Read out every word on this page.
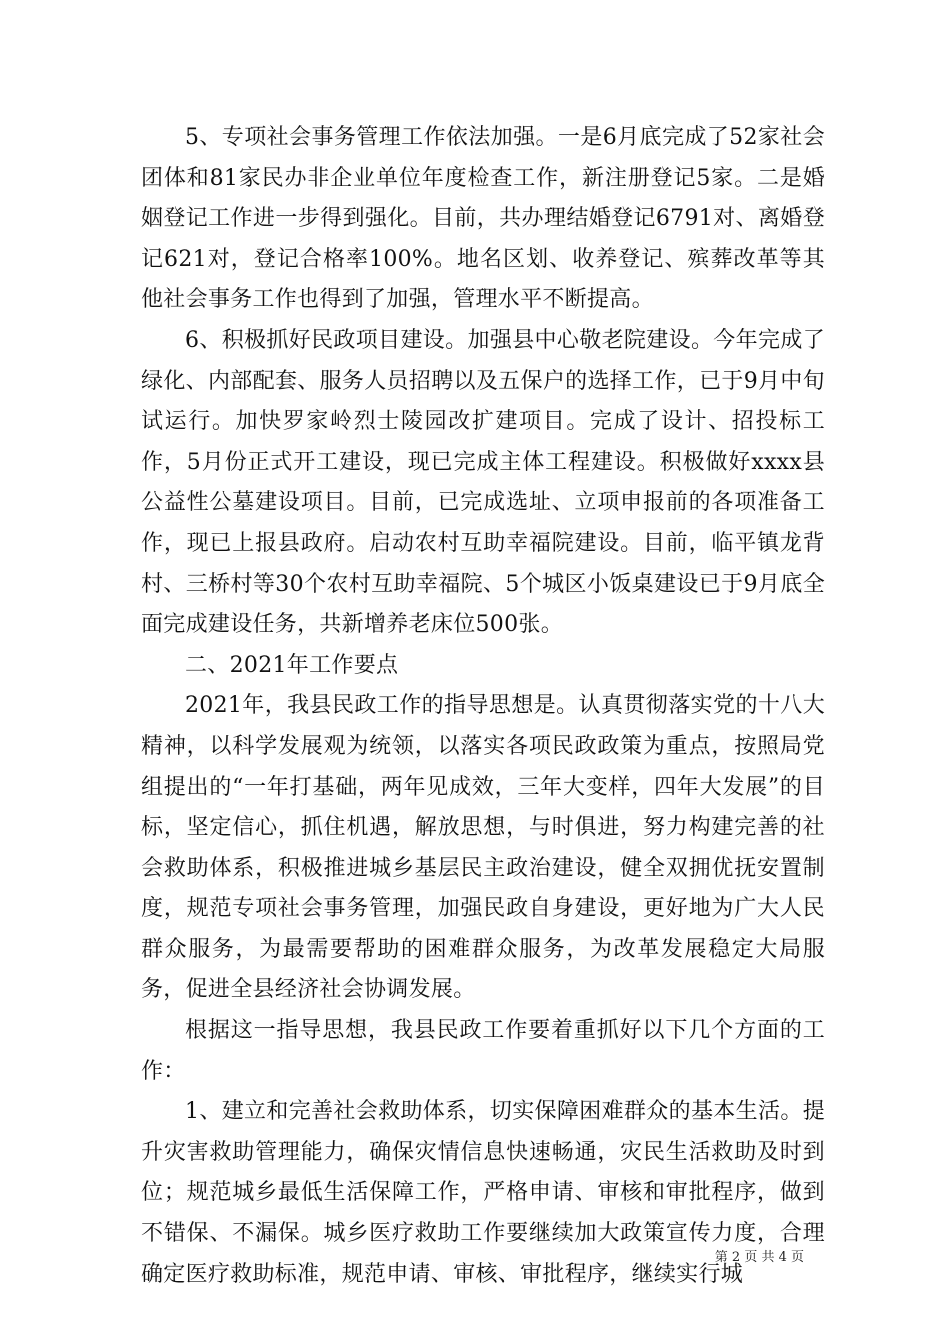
5、专项社会事务管理工作依法加强。一是6月底完成了52家社会团体和81家民办非企业单位年度检查工作，新注册登记5家。二是婚姻登记工作进一步得到强化。目前，共办理结婚登记6791对、离婚登记621对，登记合格率100%。地名区划、收养登记、殡葬改革等其他社会事务工作也得到了加强，管理水平不断提高。

6、积极抓好民政项目建设。加强县中心敬老院建设。今年完成了绿化、内部配套、服务人员招聘以及五保户的选择工作，已于9月中旬试运行。加快罗家岭烈士陵园改扩建项目。完成了设计、招投标工作，5月份正式开工建设，现已完成主体工程建设。积极做好xxxx县公益性公墓建设项目。目前，已完成选址、立项申报前的各项准备工作，现已上报县政府。启动农村互助幸福院建设。目前，临平镇龙背村、三桥村等30个农村互助幸福院、5个城区小饭桌建设已于9月底全面完成建设任务，共新增养老床位500张。

二、2021年工作要点

2021年，我县民政工作的指导思想是。认真贯彻落实党的十八大精神，以科学发展观为统领，以落实各项民政政策为重点，按照局党组提出的“一年打基础，两年见成效，三年大变样，四年大发展”的目标，坚定信心，抓住机遇，解放思想，与时俱进，努力构建完善的社会救助体系，积极推进城乡基层民主政治建设，健全双拥优抚安置制度，规范专项社会事务管理，加强民政自身建设，更好地为广大人民群众服务，为最需要帮助的困难群众服务，为改革发展稳定大局服务，促进全县经济社会协调发展。

根据这一指导思想，我县民政工作要着重抓好以下几个方面的工作：

1、建立和完善社会救助体系，切实保障困难群众的基本生活。提升灾害救助管理能力，确保灾情信息快速畅通，灾民生活救助及时到位；规范城乡最低生活保障工作，严格申请、审核和审批程序，做到不错保、不漏保。城乡医疗救助工作要继续加大政策宣传力度，合理确定医疗救助标准，规范申请、审核、审批程序，继续实行城

第 2 页 共 4 页
